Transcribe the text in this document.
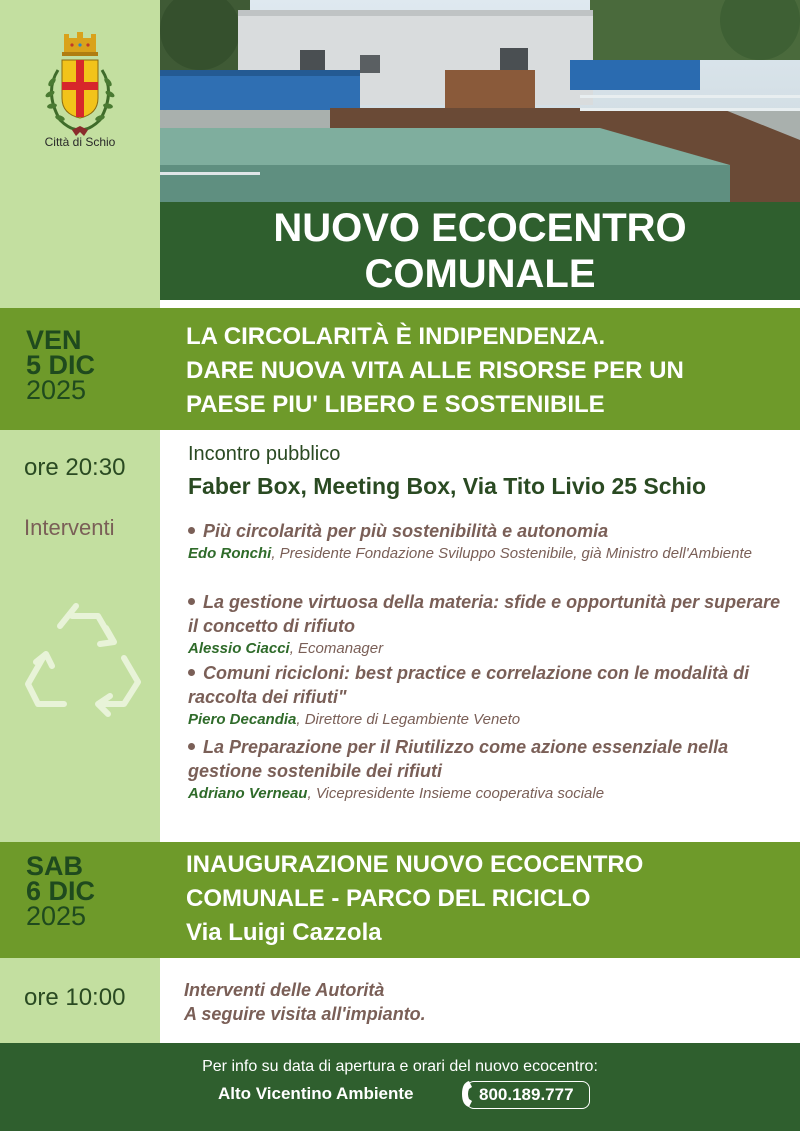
Città di Schio
NUOVO ECOCENTRO
COMUNALE
VEN
5 DIC
2025
LA CIRCOLARITÀ È INDIPENDENZA.
DARE NUOVA VITA ALLE RISORSE PER UN
PAESE PIU' LIBERO E SOSTENIBILE
ore 20:30	Incontro pubblico
Faber Box, Meeting Box, Via Tito Livio 25 Schio
Interventi	Più circolarità per più sostenibilità e autonomia
Edo Ronchi, Presidente Fondazione Sviluppo Sostenibile, già Ministro dell'Ambiente
La gestione virtuosa della materia: sfide e opportunità per superare il concetto di rifiuto
Alessio Ciacci, Ecomanager
Comuni ricicloni: best practice e correlazione con le modalità di raccolta dei rifiuti"
Piero Decandia, Direttore di Legambiente Veneto
La Preparazione per il Riutilizzo come azione essenziale nella gestione sostenibile dei rifiuti
Adriano Verneau, Vicepresidente Insieme cooperativa sociale
SAB
6 DIC
2025
INAUGURAZIONE NUOVO ECOCENTRO
COMUNALE - PARCO DEL RICICLO
Via Luigi Cazzola
ore 10:00	Interventi delle Autorità
A seguire visita all'impianto.
Per info su data di apertura e orari del nuovo ecocentro:
Alto Vicentino Ambiente	800.189.777
